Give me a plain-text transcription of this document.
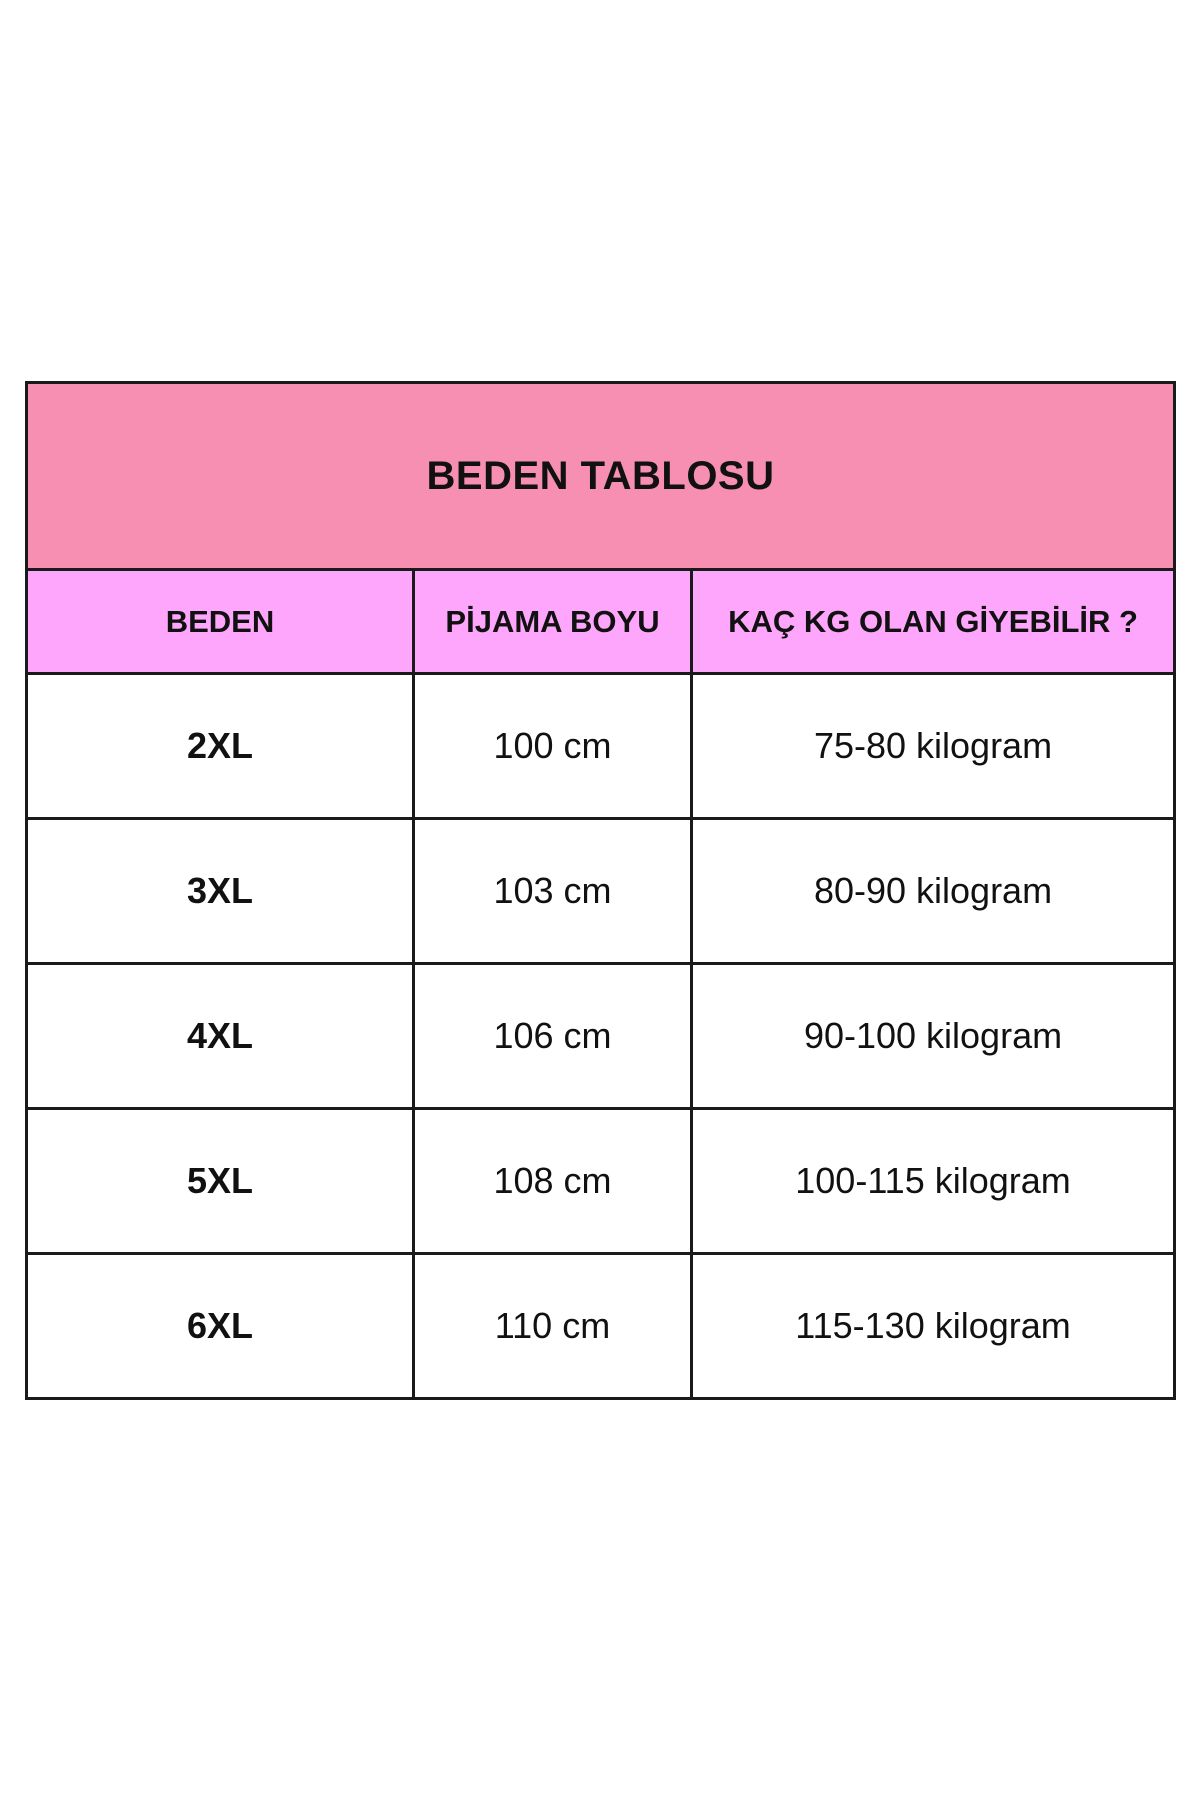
BEDEN TABLOSU		
BEDEN	PİJAMA BOYU	KAÇ KG OLAN GİYEBİLİR ?
2XL	100 cm	75-80 kilogram
3XL	103 cm	80-90 kilogram
4XL	106 cm	90-100 kilogram
5XL	108 cm	100-115 kilogram
6XL	110 cm	115-130 kilogram
